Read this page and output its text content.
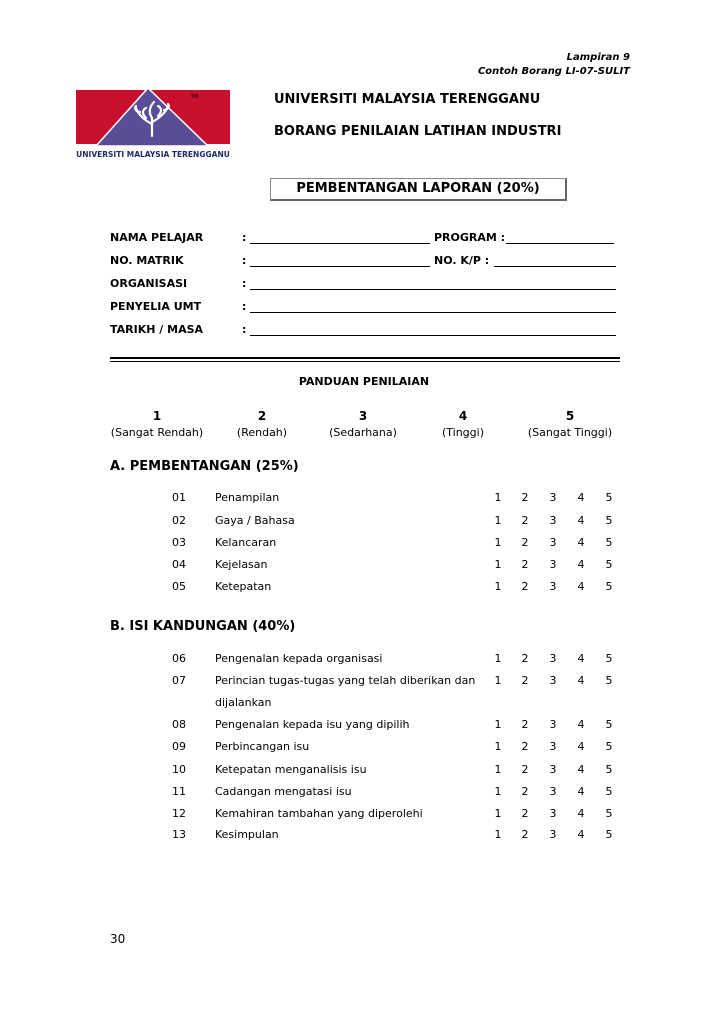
Lampiran 9
Contoh Borang LI-07-SULIT
TM
UNIVERSITI MALAYSIA TERENGGANU
UNIVERSITI MALAYSIA TERENGGANU
BORANG PENILAIAN LATIHAN INDUSTRI
PEMBENTANGAN LAPORAN (20%)
NAMA PELAJAR	:	PROGRAM :
NO. MATRIK	:	NO. K/P :
ORGANISASI	:
PENYELIA UMT	:
TARIKH / MASA	:
PANDUAN PENILAIAN
1
(Sangat Rendah)
2
(Rendah)
3
(Sedarhana)
4
(Tinggi)
5
(Sangat Tinggi)
A. PEMBENTANGAN (25%)
01	Penampilan	1	2	3	4	5
02	Gaya / Bahasa	1	2	3	4	5
03	Kelancaran	1	2	3	4	5
04	Kejelasan	1	2	3	4	5
05	Ketepatan	1	2	3	4	5
B. ISI KANDUNGAN (40%)
06	Pengenalan kepada organisasi	1	2	3	4	5
07	Perincian tugas-tugas yang telah diberikan dan
dijalankan
1	2	3	4	5
08	Pengenalan kepada isu yang dipilih	1	2	3	4	5
09	Perbincangan isu	1	2	3	4	5
10	Ketepatan menganalisis isu	1	2	3	4	5
11	Cadangan mengatasi isu	1	2	3	4	5
12	Kemahiran tambahan yang diperolehi	1	2	3	4	5
13	Kesimpulan	1	2	3	4	5
30
